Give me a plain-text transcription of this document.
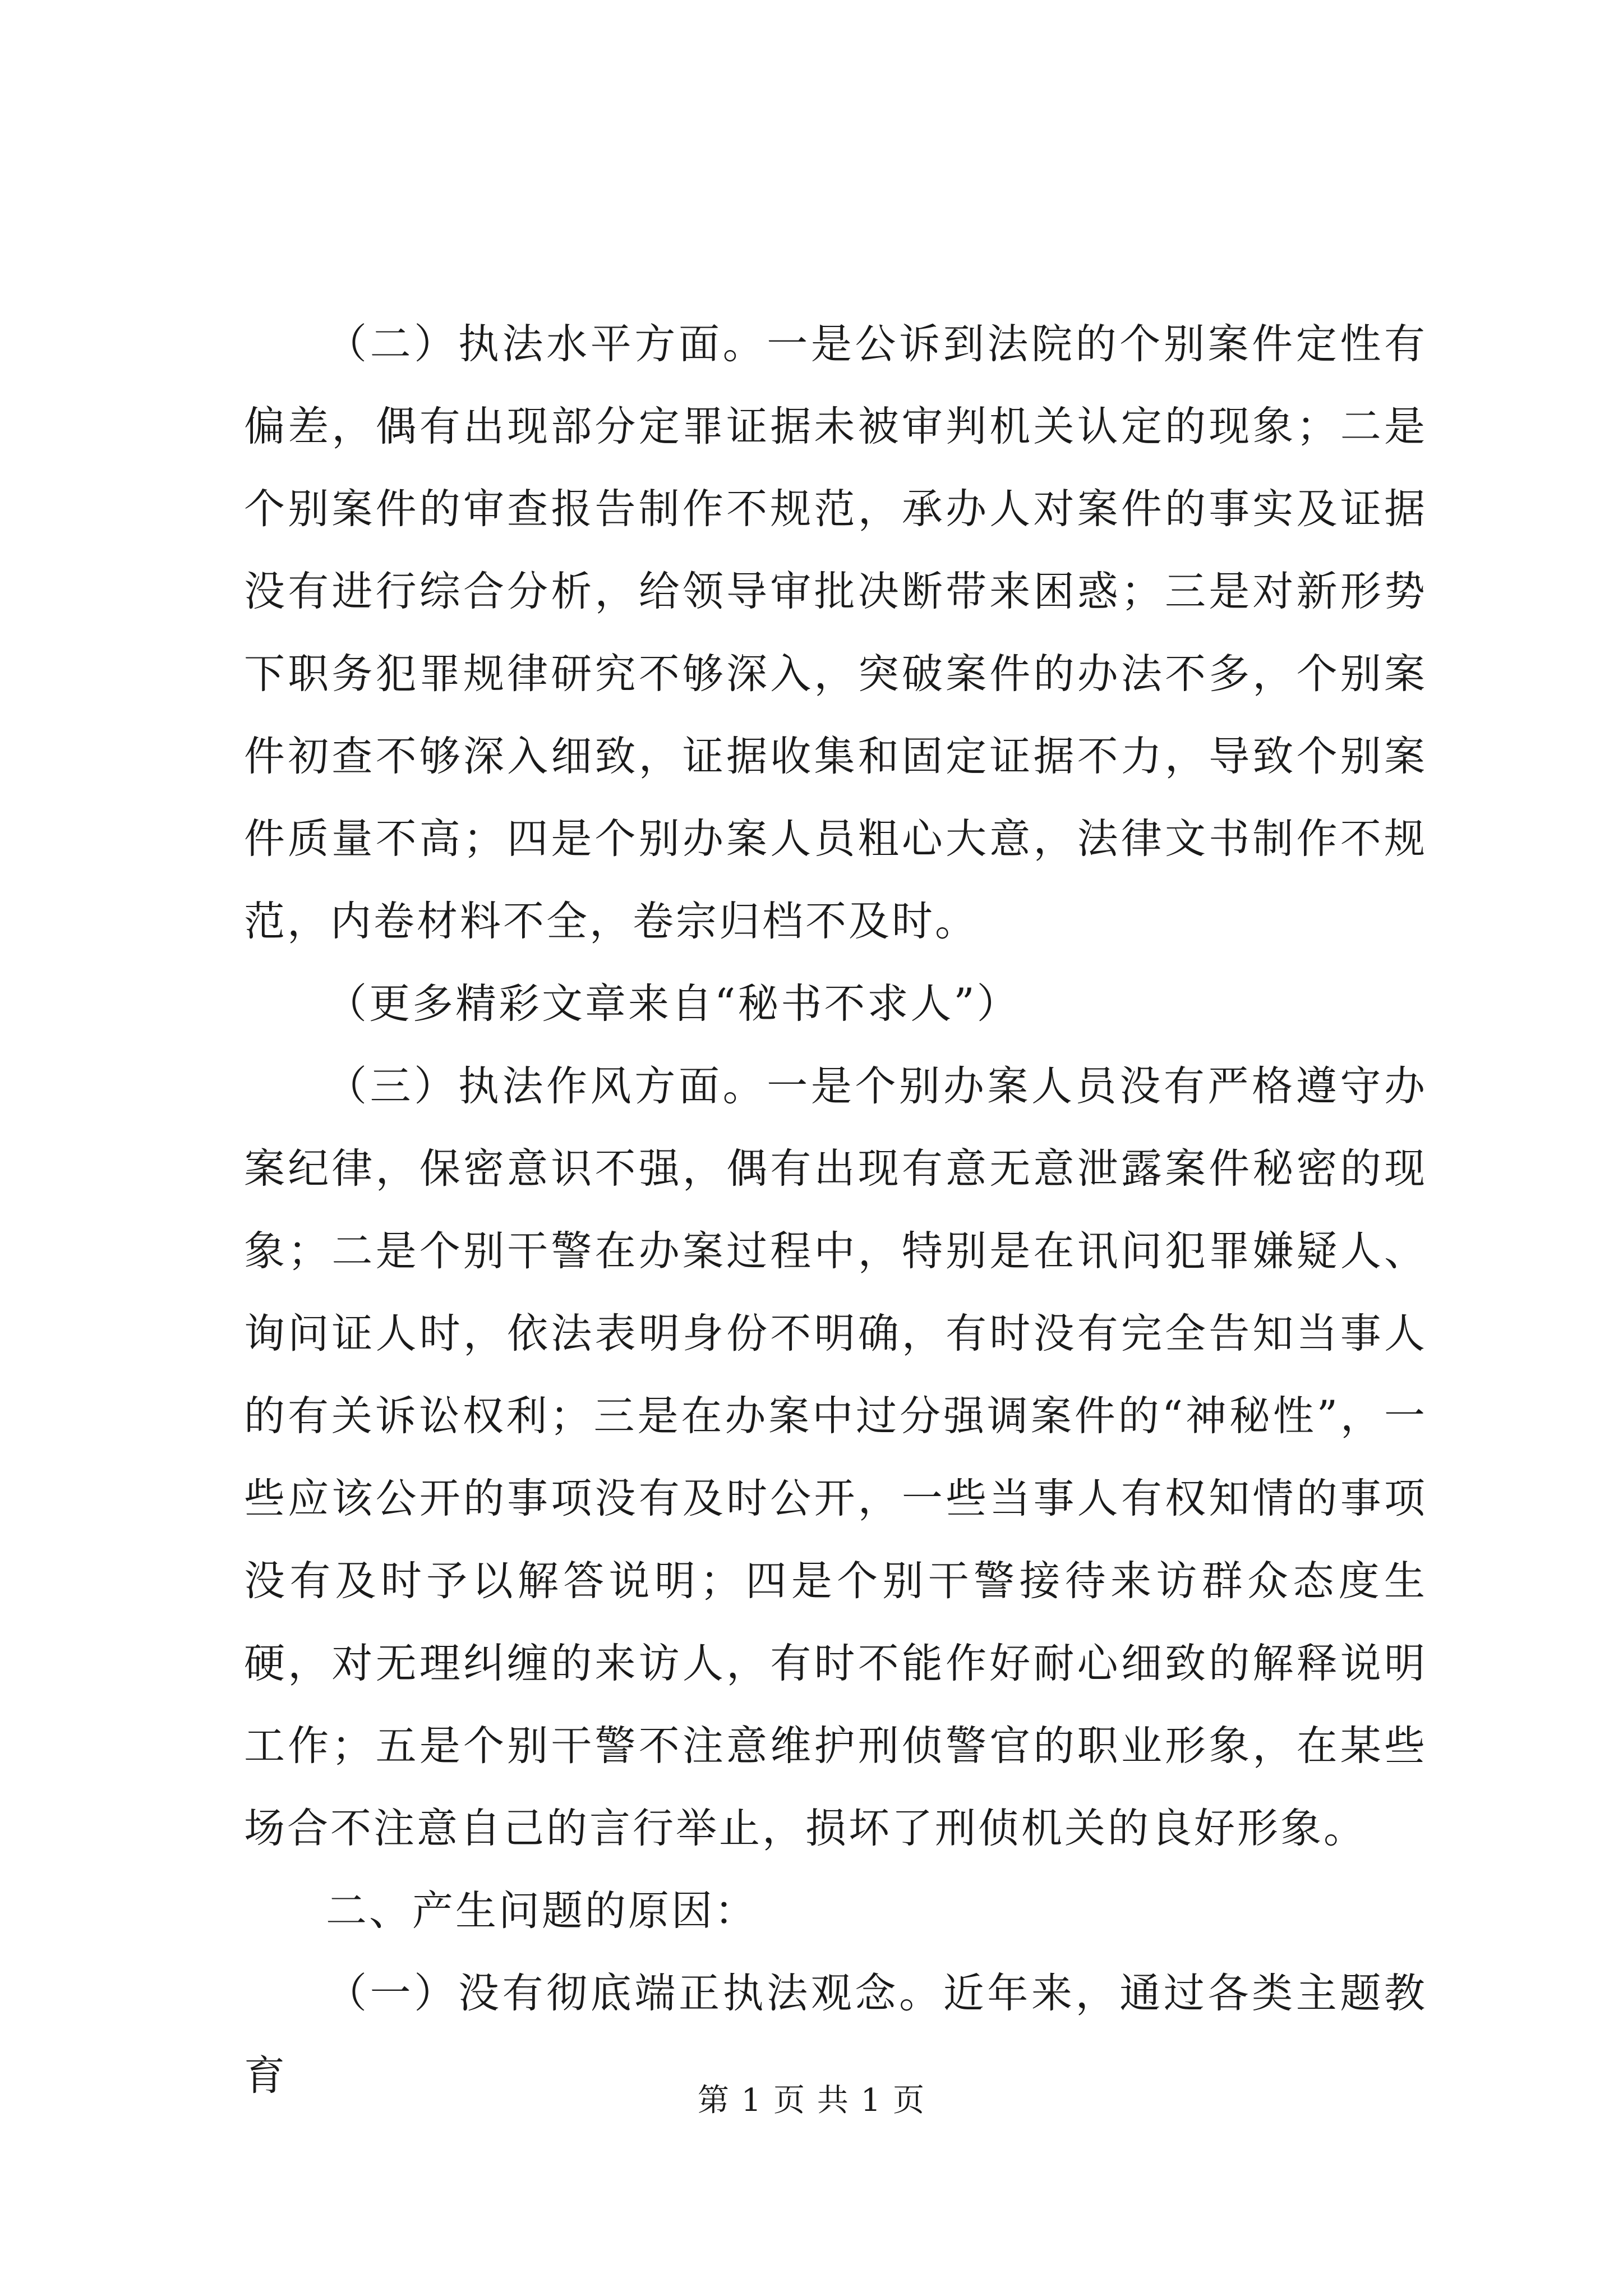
（二）执法水平方面。一是公诉到法院的个别案件定性有偏差，偶有出现部分定罪证据未被审判机关认定的现象；二是个别案件的审查报告制作不规范，承办人对案件的事实及证据没有进行综合分析，给领导审批决断带来困惑；三是对新形势下职务犯罪规律研究不够深入，突破案件的办法不多，个别案件初查不够深入细致，证据收集和固定证据不力，导致个别案件质量不高；四是个别办案人员粗心大意，法律文书制作不规范，内卷材料不全，卷宗归档不及时。

（更多精彩文章来自“秘书不求人”）

（三）执法作风方面。一是个别办案人员没有严格遵守办案纪律，保密意识不强，偶有出现有意无意泄露案件秘密的现象；二是个别干警在办案过程中，特别是在讯问犯罪嫌疑人、询问证人时，依法表明身份不明确，有时没有完全告知当事人的有关诉讼权利；三是在办案中过分强调案件的“神秘性”，一些应该公开的事项没有及时公开，一些当事人有权知情的事项没有及时予以解答说明；四是个别干警接待来访群众态度生硬，对无理纠缠的来访人，有时不能作好耐心细致的解释说明工作；五是个别干警不注意维护刑侦警官的职业形象，在某些场合不注意自己的言行举止，损坏了刑侦机关的良好形象。

二、产生问题的原因：

（一）没有彻底端正执法观念。近年来，通过各类主题教育

第 1 页 共 1 页
